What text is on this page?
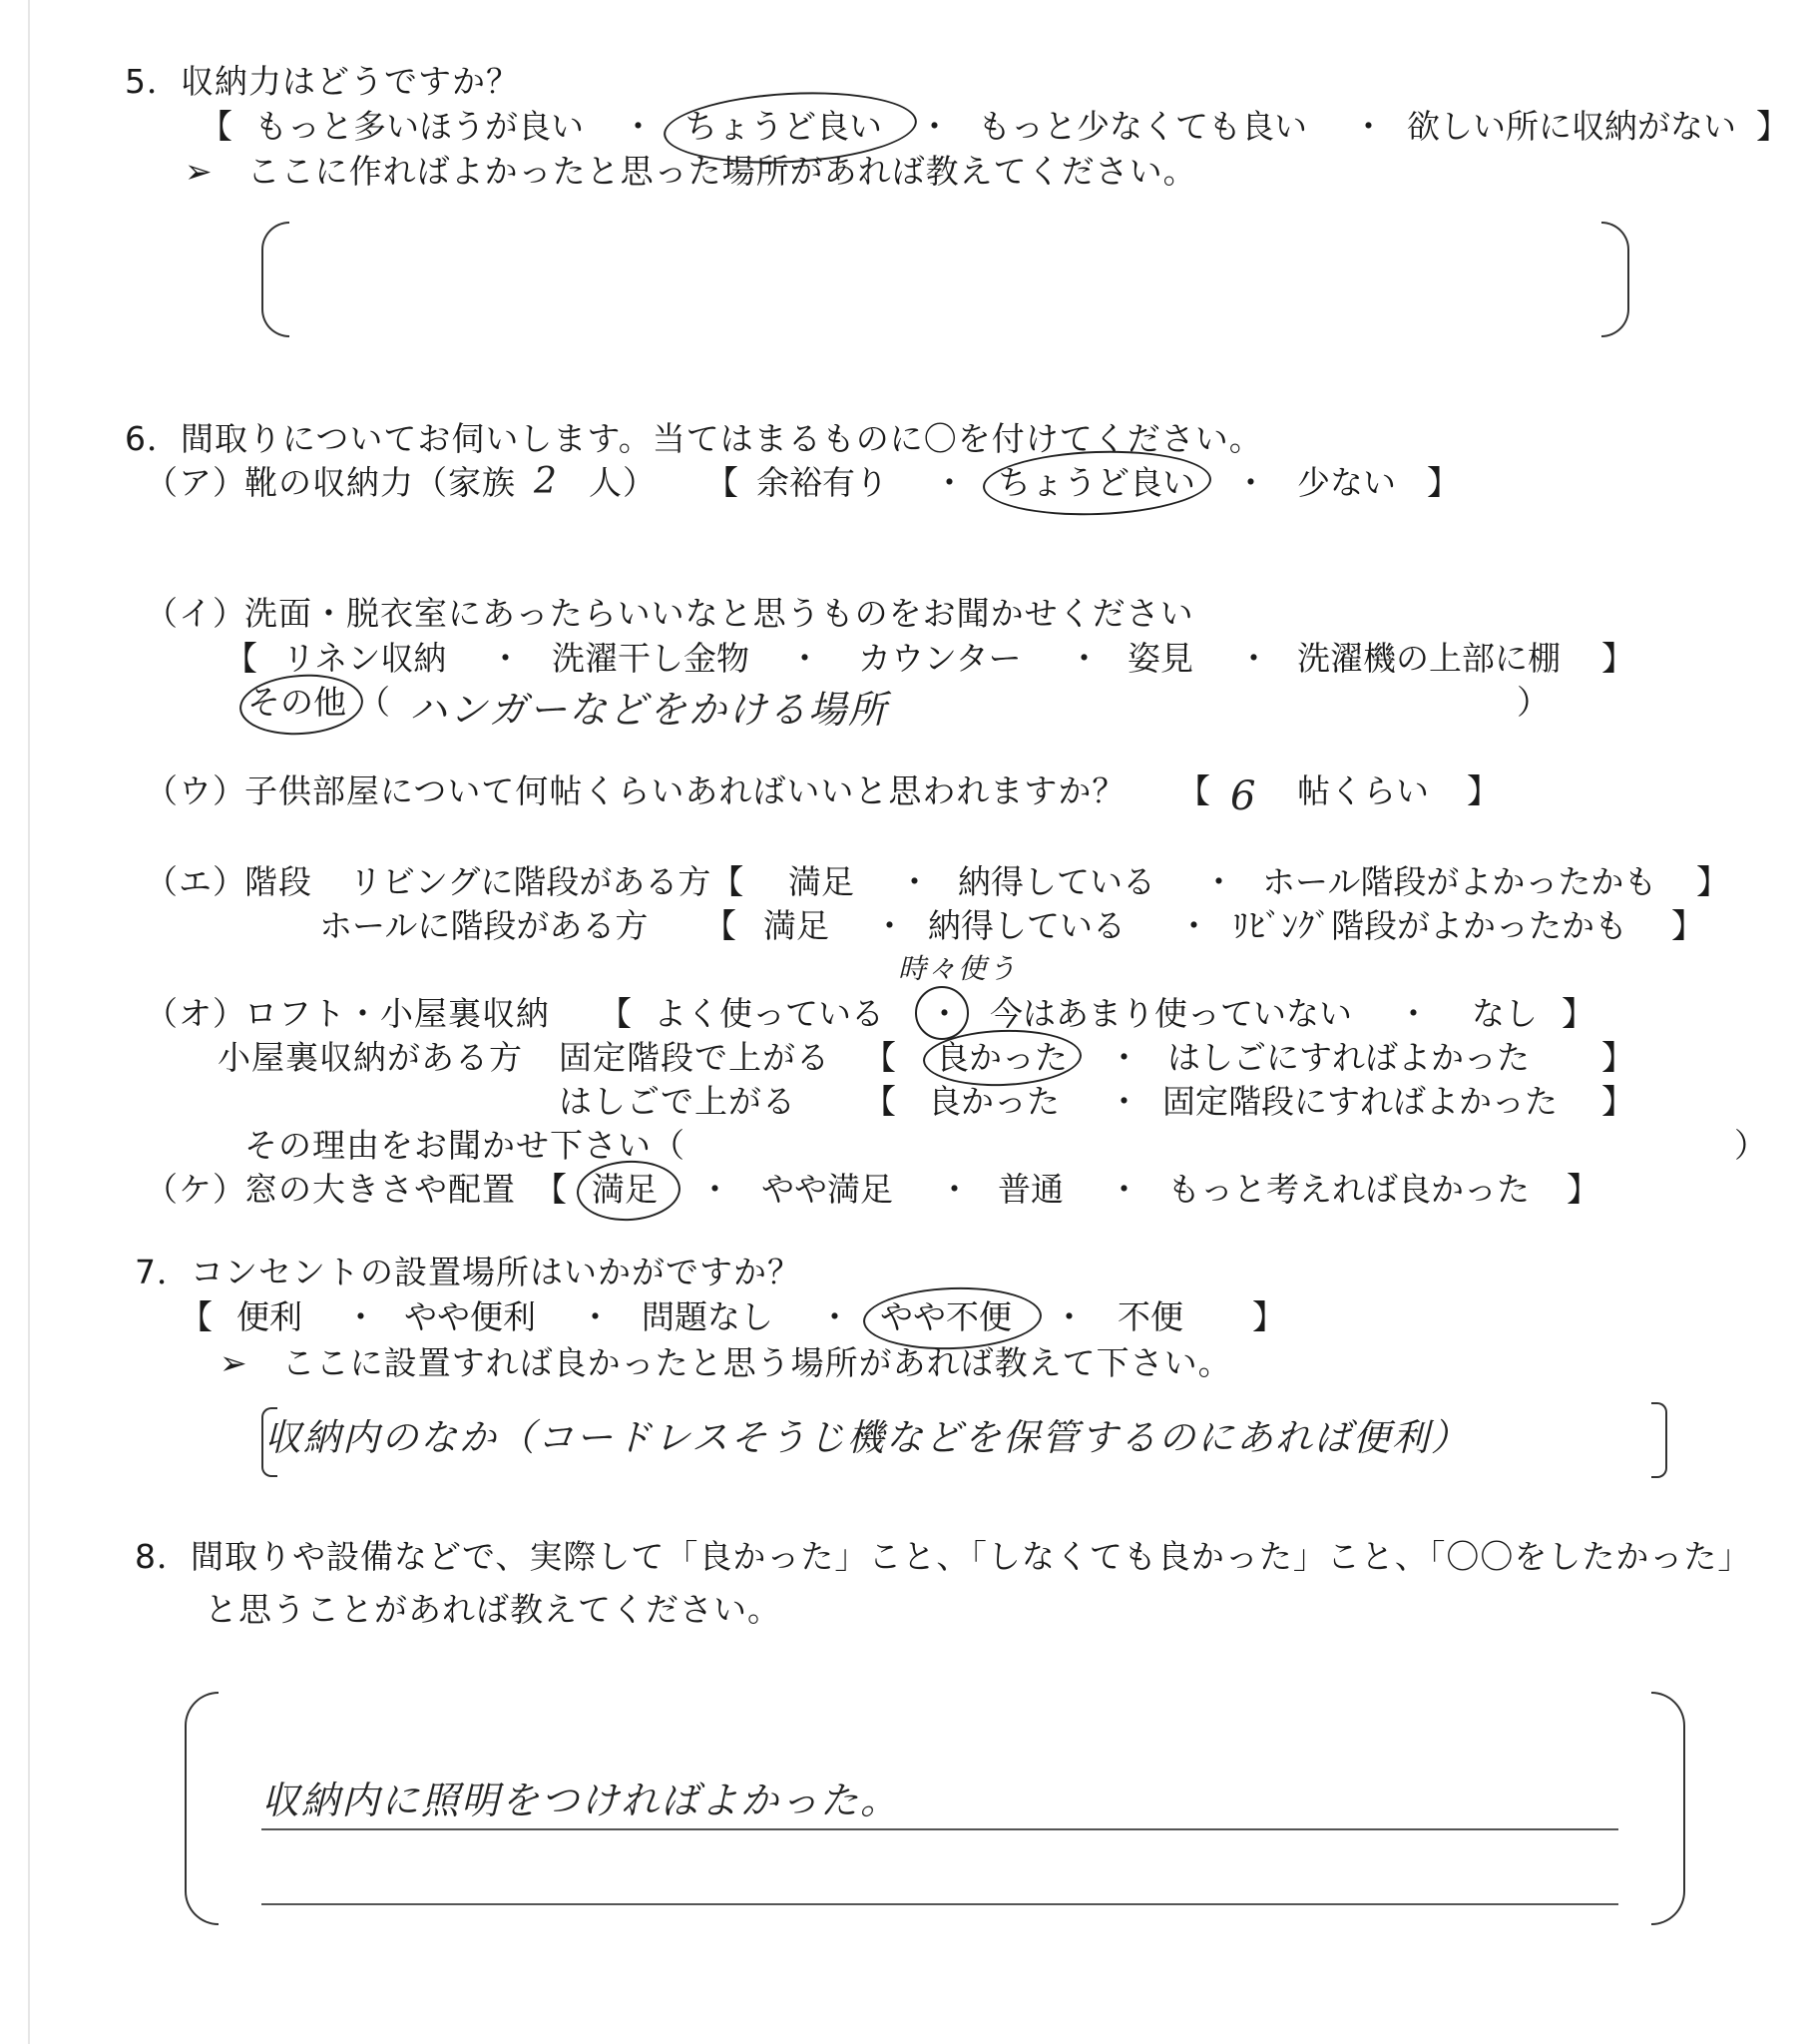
5．収納力はどうですか？
【 もっと多いほうが良い ・ ちょうど良い ・ もっと少なくても良い ・ 欲しい所に収納がない 】
➢　ここに作ればよかったと思った場所があれば教えてください。
6．間取りについてお伺いします。当てはまるものに〇を付けてください。
（ア）
靴の収納力（家族 2 人） 【 余裕有り ・ ちょうど良い ・ 少ない 】
（イ）
洗面・脱衣室にあったらいいなと思うものをお聞かせください
【 リネン収納 ・ 洗濯干し金物 ・ カウンター ・ 姿見 ・ 洗濯機の上部に棚 】
その他 （ ハンガーなどをかける場所	）
（ウ）
子供部屋について何帖くらいあればいいと思われますか？ 【 6 帖くらい 】
（エ）
階段 リビングに階段がある方【 満足 ・ 納得している ・ ホール階段がよかったかも 】
ホールに階段がある方 【 満足 ・ 納得している ・ ﾘﾋﾞﾝｸﾞ階段がよかったかも 】
時々使う
（オ）
ロフト・小屋裏収納 【 よく使っている ・ 今はあまり使っていない ・ なし 】
小屋裏収納がある方 固定階段で上がる 【 良かった ・ はしごにすればよかった 】
はしごで上がる 【 良かった ・ 固定階段にすればよかった 】
その理由をお聞かせ下さい（	）
（ケ）
窓の大きさや配置 【 満足 ・ やや満足 ・ 普通 ・ もっと考えれば良かった 】
7．コンセントの設置場所はいかがですか？
【 便利 ・ やや便利 ・ 問題なし ・ やや不便 ・ 不便 】
➢　ここに設置すれば良かったと思う場所があれば教えて下さい。
収納内のなか（コードレスそうじ機などを保管するのにあれば便利）
8．間取りや設備などで、実際して「良かった」こと、「しなくても良かった」こと、「〇〇をしたかった」
と思うことがあれば教えてください。
収納内に照明をつければよかった。
